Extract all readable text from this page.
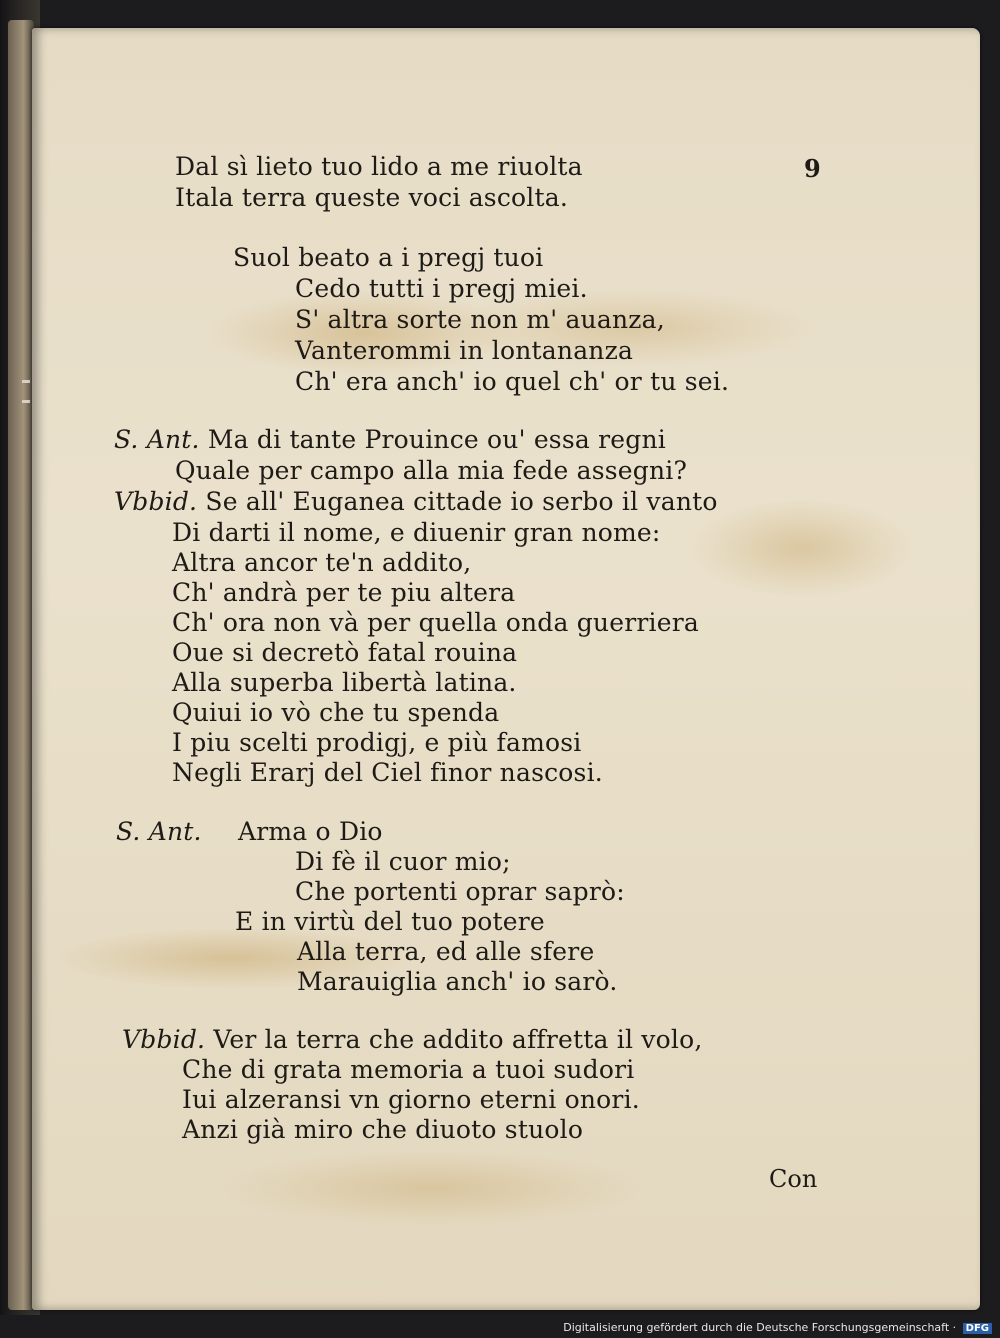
9
Dal sì lieto tuo lido a me riuolta
Itala terra queste voci ascolta.
Suol beato a i pregj tuoi
Cedo tutti i pregj miei.
S' altra sorte non m' auanza,
Vanterommi in lontananza
Ch' era anch' io quel ch' or tu sei.
S. Ant. Ma di tante Prouince ou' essa regni
Quale per campo alla mia fede assegni?
Vbbid. Se all' Euganea cittade io serbo il vanto
Di darti il nome, e diuenir gran nome:
Altra ancor te'n addito,
Ch' andrà per te piu altera
Ch' ora non và per quella onda guerriera
Oue si decretò fatal rouina
Alla superba libertà latina.
Quiui io vò che tu spenda
I piu scelti prodigj, e più famosi
Negli Erarj del Ciel finor nascosi.
S. Ant. Arma o Dio
Di fè il cuor mio;
Che portenti oprar saprò:
E in virtù del tuo potere
Alla terra, ed alle sfere
Marauiglia anch' io sarò.
Vbbid. Ver la terra che addito affretta il volo,
Che di grata memoria a tuoi sudori
Iui alzeransi vn giorno eterni onori.
Anzi già miro che diuoto stuolo
Con
Digitalisierung gefördert durch die Deutsche Forschungsgemeinschaft · DFG
